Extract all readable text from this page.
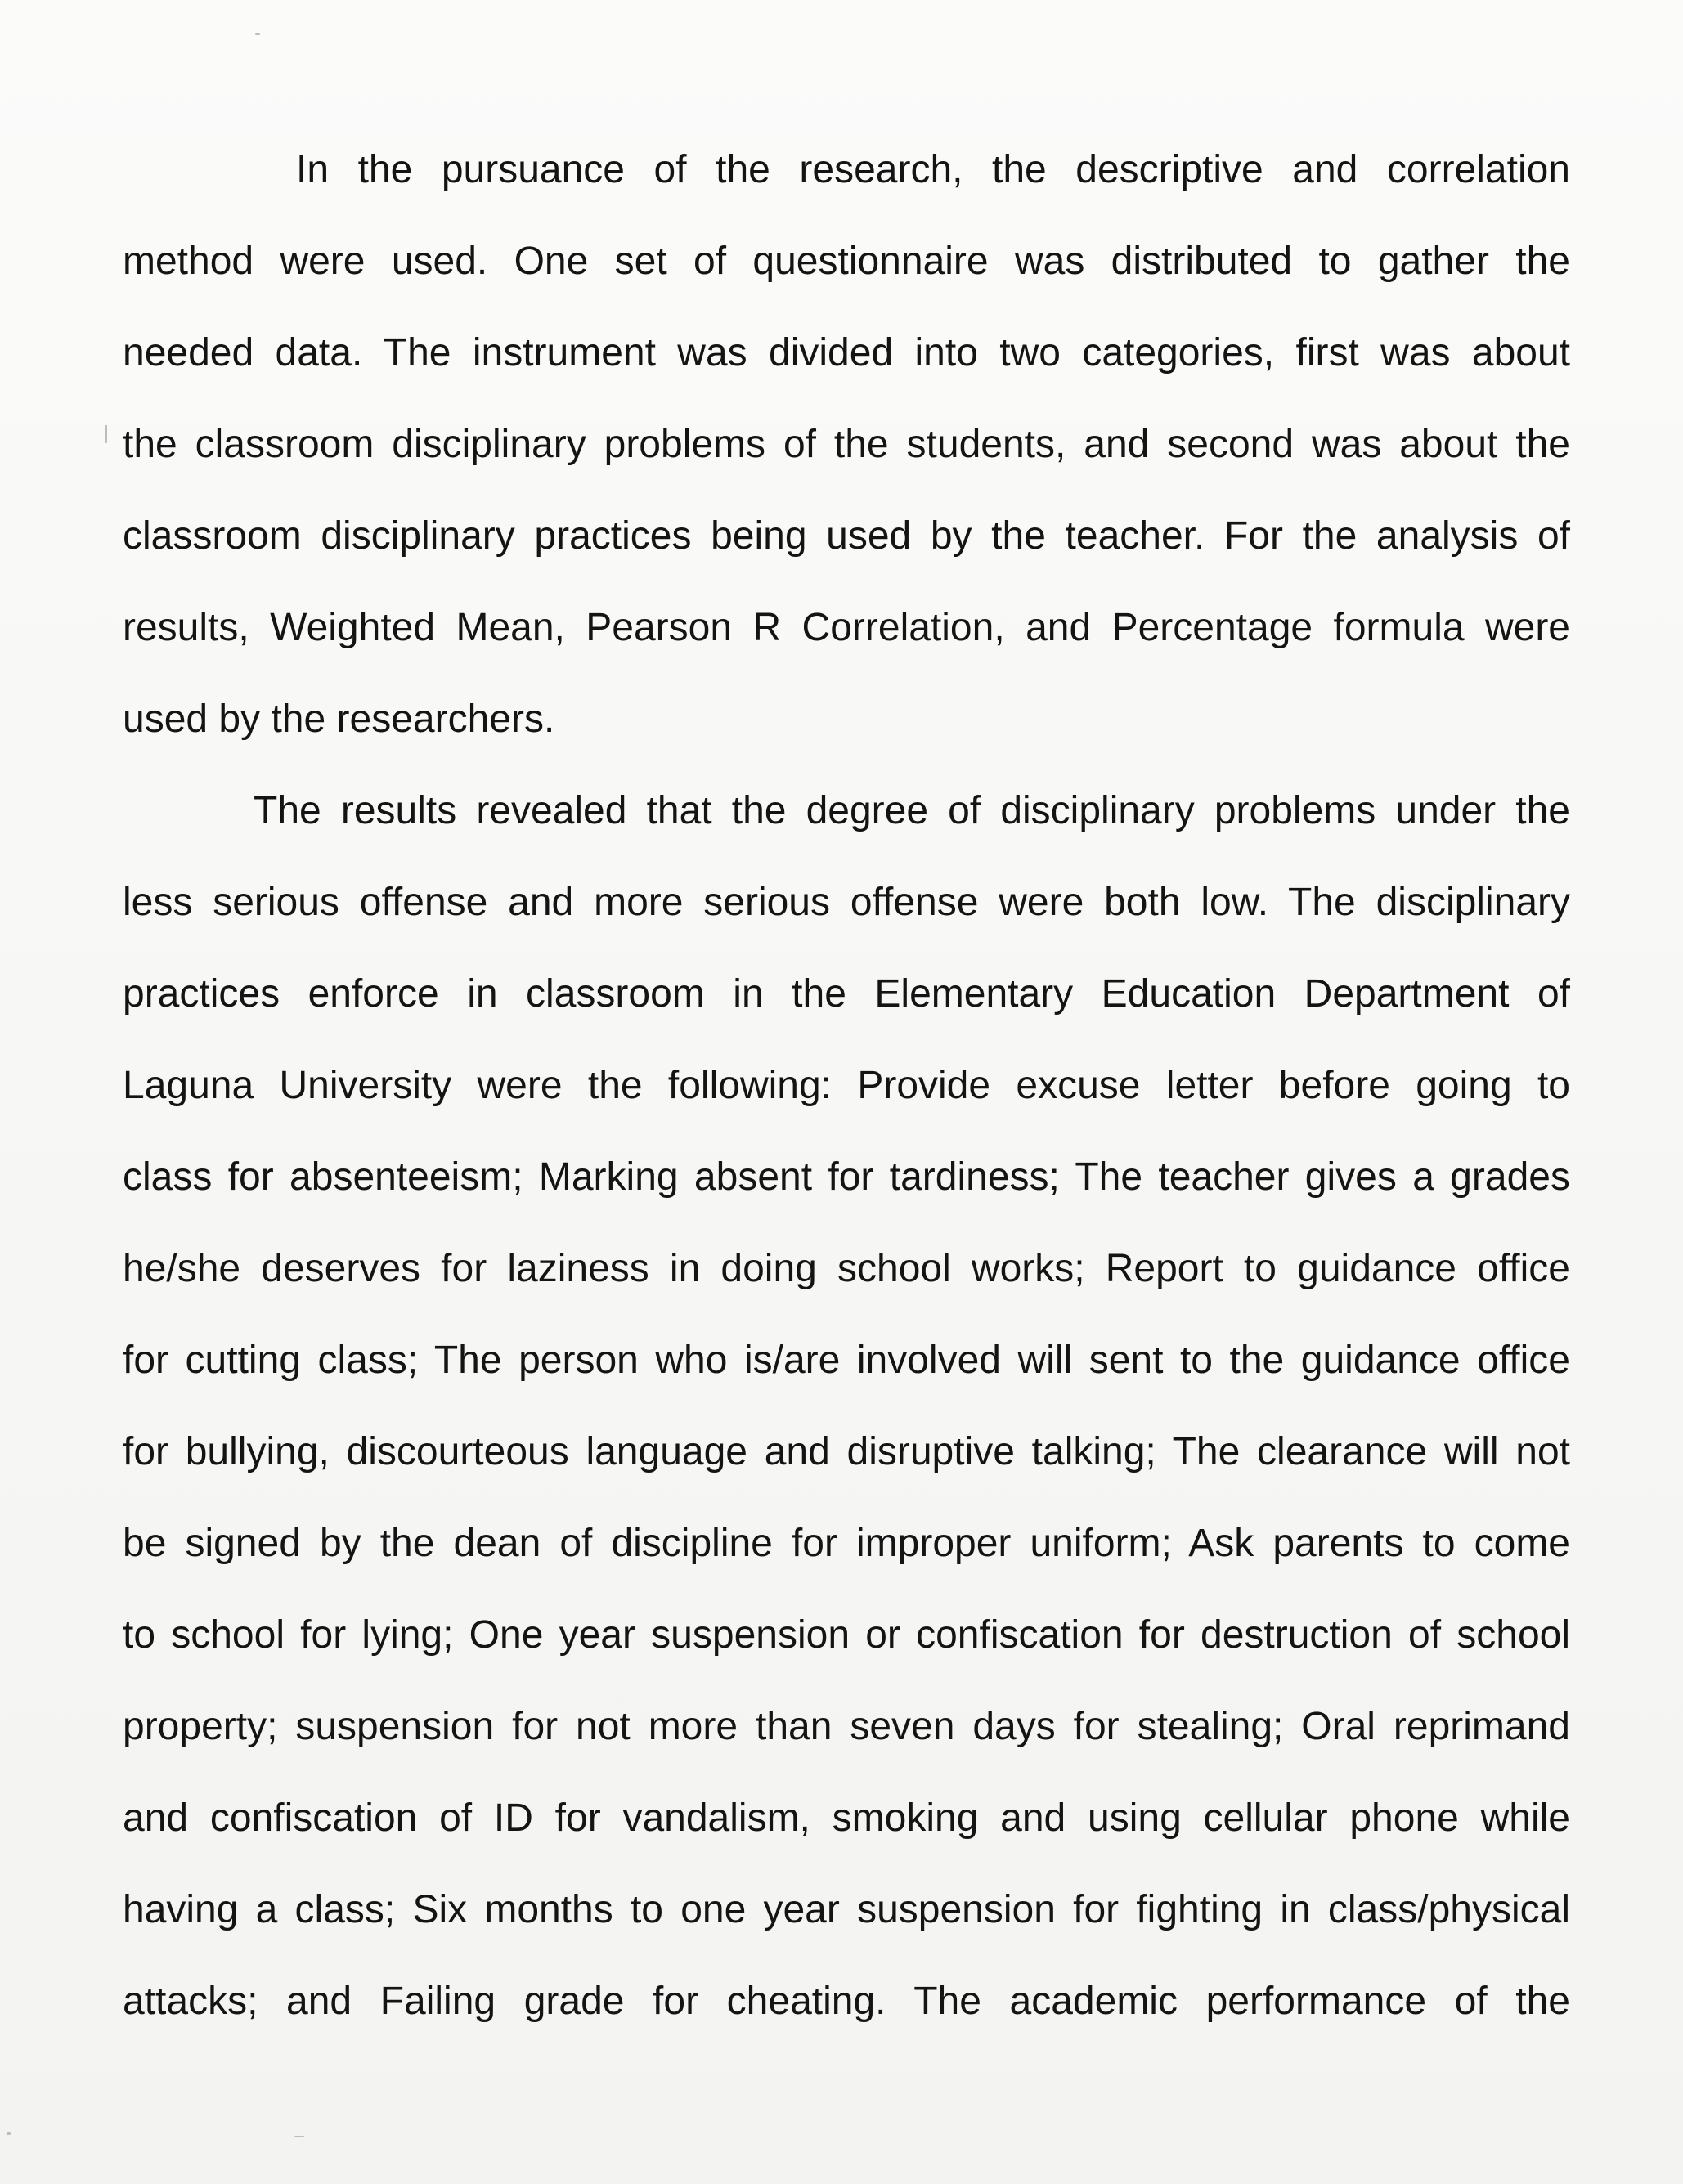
In the pursuance of the research, the descriptive and correlation
method were used. One set of questionnaire was distributed to gather the
needed data. The instrument was divided into two categories, first was about
the classroom disciplinary problems of the students, and second was about the
classroom disciplinary practices being used by the teacher. For the analysis of
results, Weighted Mean, Pearson R Correlation, and Percentage formula were
used by the researchers.
The results revealed that the degree of disciplinary problems under the
less serious offense and more serious offense were both low. The disciplinary
practices enforce in classroom in the Elementary Education Department of
Laguna University were the following: Provide excuse letter before going to
class for absenteeism; Marking absent for tardiness; The teacher gives a grades
he/she deserves for laziness in doing school works; Report to guidance office
for cutting class; The person who is/are involved will sent to the guidance office
for bullying, discourteous language and disruptive talking; The clearance will not
be signed by the dean of discipline for improper uniform; Ask parents to come
to school for lying; One year suspension or confiscation for destruction of school
property; suspension for not more than seven days for stealing; Oral reprimand
and confiscation of ID for vandalism, smoking and using cellular phone while
having a class; Six months to one year suspension for fighting in class/physical
attacks; and Failing grade for cheating. The academic performance of the
